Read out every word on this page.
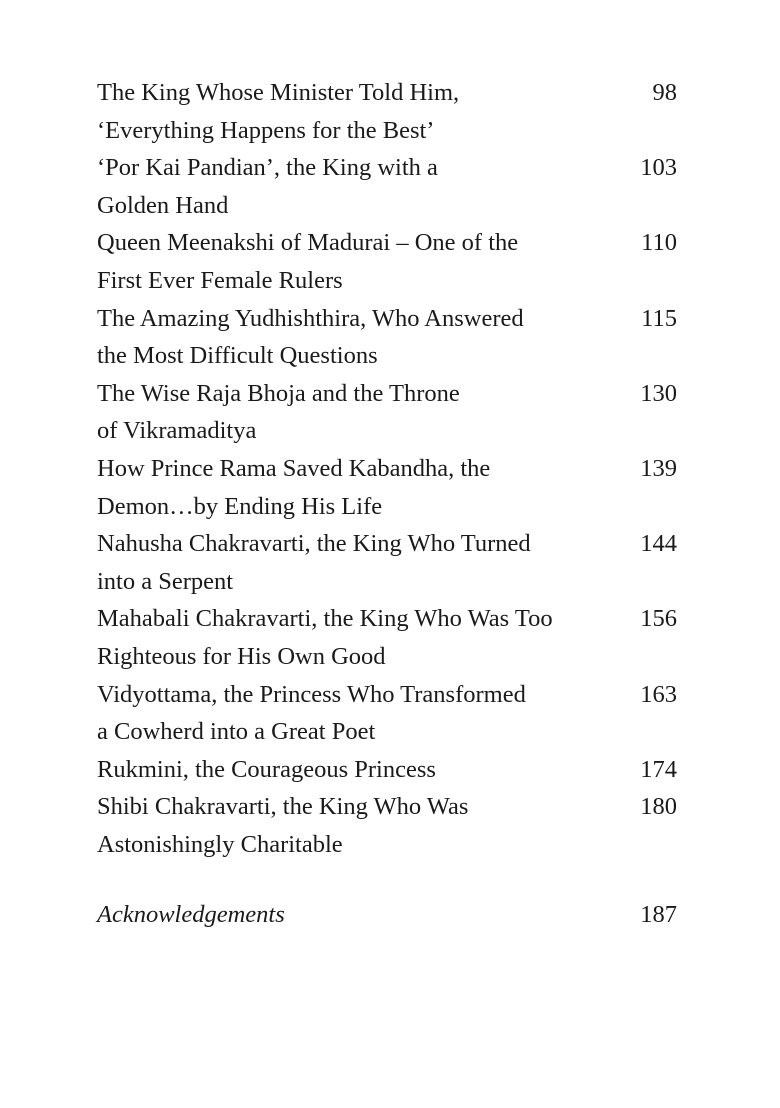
The King Whose Minister Told Him,
‘Everything Happens for the Best’
98
‘Por Kai Pandian’, the King with a
Golden Hand
103
Queen Meenakshi of Madurai – One of the
First Ever Female Rulers
110
The Amazing Yudhishthira, Who Answered
the Most Difficult Questions
115
The Wise Raja Bhoja and the Throne
of Vikramaditya
130
How Prince Rama Saved Kabandha, the
Demon…by Ending His Life
139
Nahusha Chakravarti, the King Who Turned
into a Serpent
144
Mahabali Chakravarti, the King Who Was Too
Righteous for His Own Good
156
Vidyottama, the Princess Who Transformed
a Cowherd into a Great Poet
163
Rukmini, the Courageous Princess	174
Shibi Chakravarti, the King Who Was
Astonishingly Charitable
180
Acknowledgements	187
